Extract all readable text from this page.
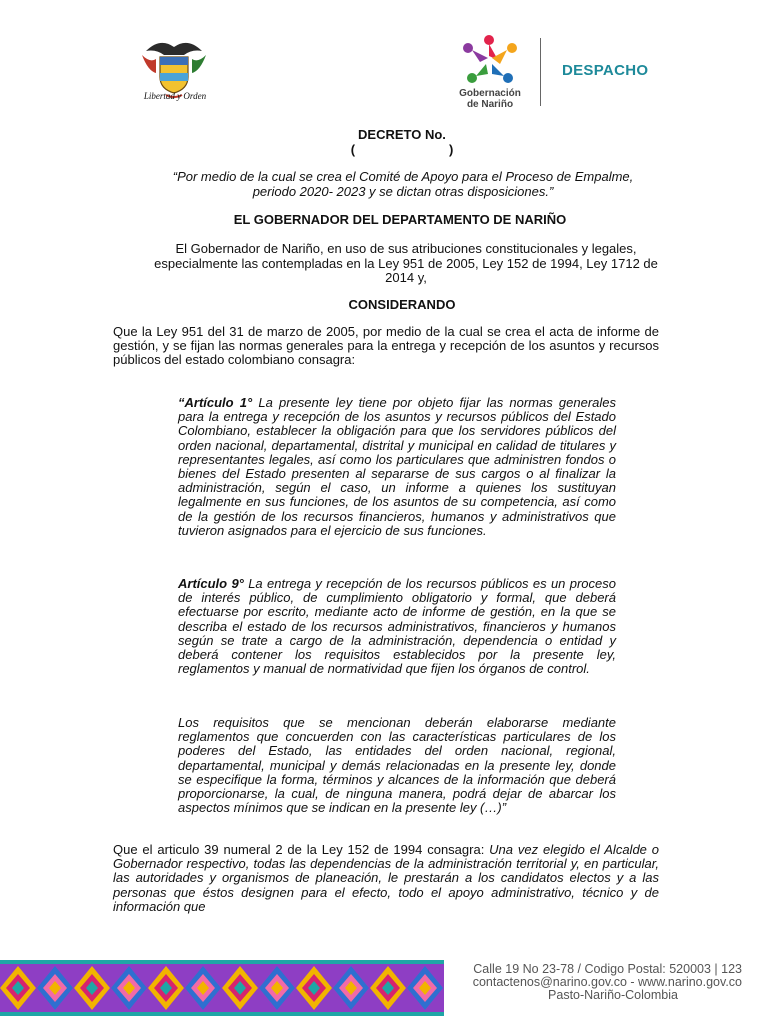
Libertad y Orden	Gobernación
de Nariño
DESPACHO
DECRETO No.
(                          )
“Por medio de la cual se crea el Comité de Apoyo para el Proceso de Empalme, periodo 2020- 2023 y se dictan otras disposiciones.”
EL GOBERNADOR DEL DEPARTAMENTO DE NARIÑO
El Gobernador de Nariño, en uso de sus atribuciones constitucionales y legales, especialmente las contempladas en la Ley 951 de 2005, Ley 152 de 1994, Ley 1712 de 2014 y,
CONSIDERANDO
Que la Ley 951 del 31 de marzo de 2005, por medio de la cual se crea el acta de informe de gestión, y se fijan las normas generales para la entrega y recepción de los asuntos y recursos públicos del estado colombiano consagra:
“Artículo 1° La presente ley tiene por objeto fijar las normas generales para la entrega y recepción de los asuntos y recursos públicos del Estado Colombiano, establecer la obligación para que los servidores públicos del orden nacional, departamental, distrital y municipal en calidad de titulares y representantes legales, así como los particulares que administren fondos o bienes del Estado presenten al separarse de sus cargos o al finalizar la administración, según el caso, un informe a quienes los sustituyan legalmente en sus funciones, de los asuntos de su competencia, así como de la gestión de los recursos financieros, humanos y administrativos que tuvieron asignados para el ejercicio de sus funciones.
Artículo 9° La entrega y recepción de los recursos públicos es un proceso de interés público, de cumplimiento obligatorio y formal, que deberá efectuarse por escrito, mediante acto de informe de gestión, en la que se describa el estado de los recursos administrativos, financieros y humanos según se trate a cargo de la administración, dependencia o entidad y deberá contener los requisitos establecidos por la presente ley, reglamentos y manual de normatividad que fijen los órganos de control.
Los requisitos que se mencionan deberán elaborarse mediante reglamentos que concuerden con las características particulares de los poderes del Estado, las entidades del orden nacional, regional, departamental, municipal y demás relacionadas en la presente ley, donde se especifique la forma, términos y alcances de la información que deberá proporcionarse, la cual, de ninguna manera, podrá dejar de abarcar los aspectos mínimos que se indican en la presente ley (…)”
Que el articulo 39 numeral 2 de la Ley 152 de 1994 consagra: Una vez elegido el Alcalde o Gobernador respectivo, todas las dependencias de la administración territorial y, en particular, las autoridades y organismos de planeación, le prestarán a los candidatos electos y a las personas que éstos designen para el efecto, todo el apoyo administrativo, técnico y de información que
Calle 19 No 23-78 / Codigo Postal: 520003 | 123
contactenos@narino.gov.co - www.narino.gov.co
Pasto-Nariño-Colombia
